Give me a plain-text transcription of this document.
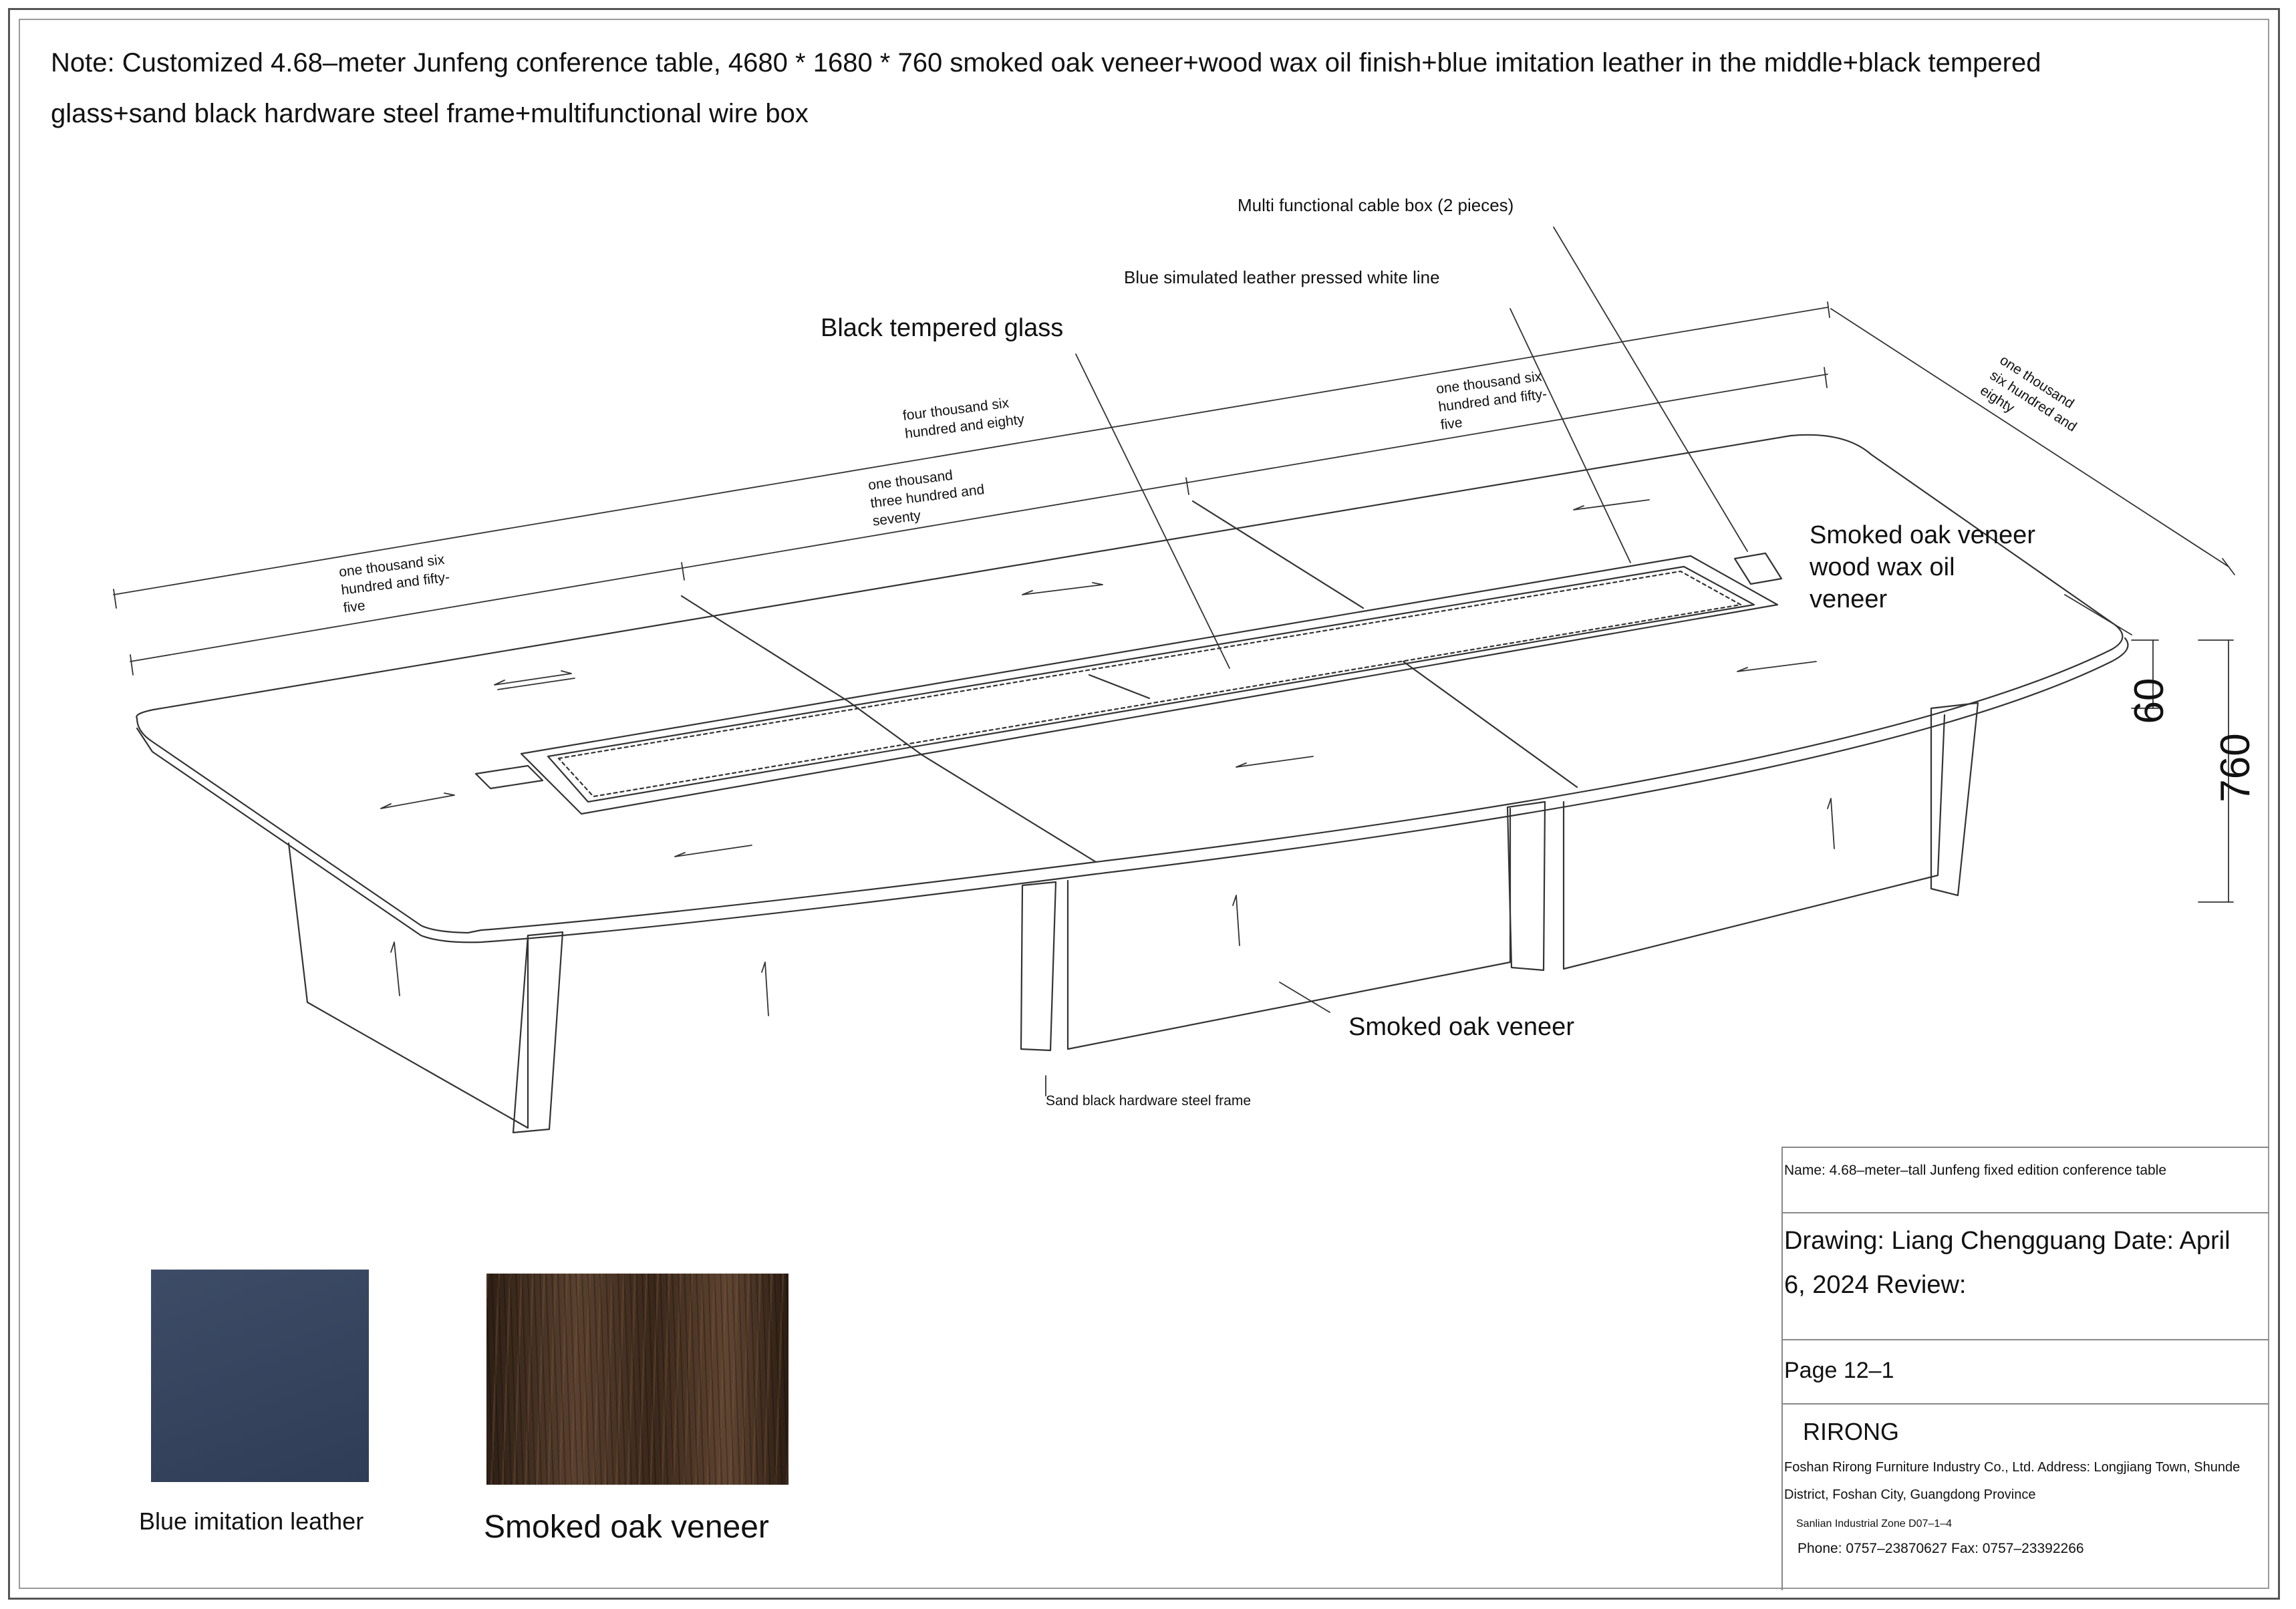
Note: Customized 4.68–meter Junfeng conference table, 4680 * 1680 * 760 smoked oak veneer+wood wax oil finish+blue imitation leather in the middle+black tempered glass+sand black hardware steel frame+multifunctional wire box
Multi functional cable box (2 pieces)
Blue simulated leather pressed white line
Black tempered glass
Smoked oak veneer
wood wax oil
veneer
Smoked oak veneer
Sand black hardware steel frame
four thousand six hundred and eighty
one thousand six hundred and fifty-five
one thousand three hundred and seventy
one thousand six hundred and fifty-five
one thousand six hundred and eighty
60
760
Blue imitation leather	Smoked oak veneer
Name: 4.68–meter–tall Junfeng fixed edition conference table
Drawing: Liang Chengguang Date: April 6, 2024 Review:
Page 12–1
RIRONG
Foshan Rirong Furniture Industry Co., Ltd. Address: Longjiang Town, Shunde District, Foshan City, Guangdong Province
Sanlian Industrial Zone D07–1–4
Phone: 0757–23870627 Fax: 0757–23392266
